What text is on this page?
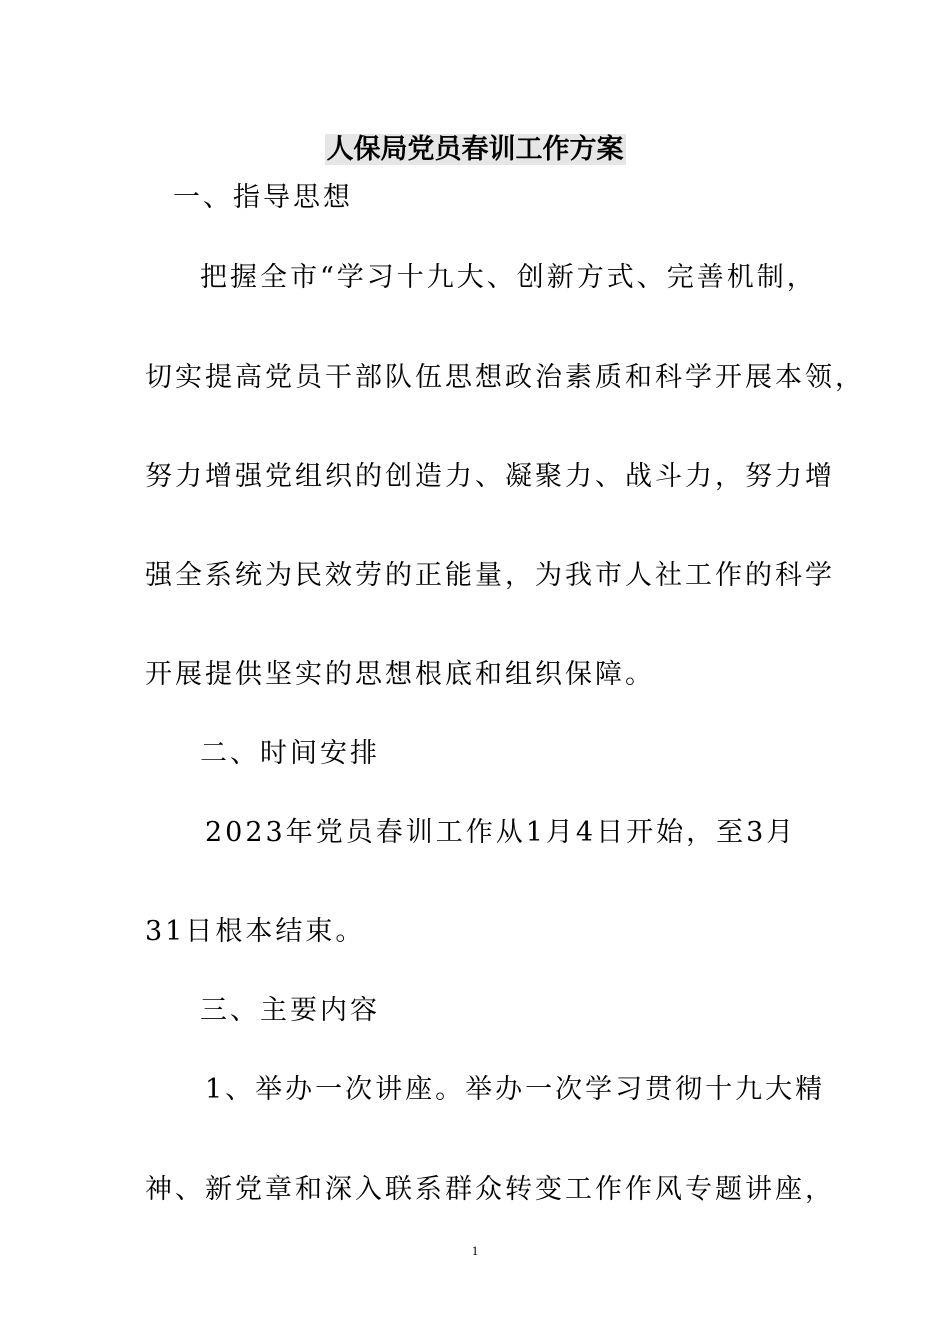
人保局党员春训工作方案
一、指导思想
把握全市“学习十九大、创新方式、完善机制，
切实提高党员干部队伍思想政治素质和科学开展本领，
努力增强党组织的创造力、凝聚力、战斗力，努力增
强全系统为民效劳的正能量，为我市人社工作的科学
开展提供坚实的思想根底和组织保障。
二、时间安排
2023年党员春训工作从1月4日开始，至3月
31日根本结束。
三、主要内容
1、举办一次讲座。举办一次学习贯彻十九大精
神、新党章和深入联系群众转变工作作风专题讲座，
1
